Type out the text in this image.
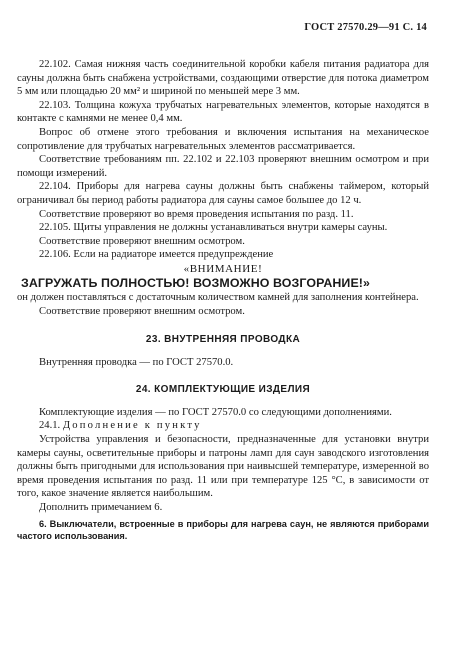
ГОСТ 27570.29—91 С. 14

22.102. Самая нижняя часть соединительной коробки кабеля питания радиатора для сауны должна быть снабжена устройствами, создающими отверстие для потока диаметром 5 мм или площадью 20 мм² и шириной по меньшей мере 3 мм.

22.103. Толщина кожуха трубчатых нагревательных элементов, которые находятся в контакте с камнями не менее 0,4 мм.

Вопрос об отмене этого требования и включения испытания на механическое сопротивление для трубчатых нагревательных элементов рассматривается.

Соответствие требованиям пп. 22.102 и 22.103 проверяют внешним осмотром и при помощи измерений.

22.104. Приборы для нагрева сауны должны быть снабжены таймером, который ограничивал бы период работы радиатора для сауны самое большее до 12 ч.

Соответствие проверяют во время проведения испытания по разд. 11.

22.105. Щиты управления не должны устанавливаться внутри камеры сауны.

Соответствие проверяют внешним осмотром.

22.106. Если на радиаторе имеется предупреждение

«ВНИМАНИЕ!

ЗАГРУЖАТЬ ПОЛНОСТЬЮ! ВОЗМОЖНО ВОЗГОРАНИЕ!»

он должен поставляться с достаточным количеством камней для заполнения контейнера.

Соответствие проверяют внешним осмотром.

23. ВНУТРЕННЯЯ ПРОВОДКА

Внутренняя проводка — по ГОСТ 27570.0.

24. КОМПЛЕКТУЮЩИЕ ИЗДЕЛИЯ

Комплектующие изделия — по ГОСТ 27570.0 со следующими дополнениями.

24.1. Дополнение к пункту

Устройства управления и безопасности, предназначенные для установки внутри камеры сауны, осветительные приборы и патроны ламп для саун заводского изготовления должны быть пригодными для использования при наивысшей температуре, измеренной во время проведения испытания по разд. 11 или при температуре 125 °С, в зависимости от того, какое значение является наибольшим.

Дополнить примечанием 6.

6. Выключатели, встроенные в приборы для нагрева саун, не являются приборами частого использования.
